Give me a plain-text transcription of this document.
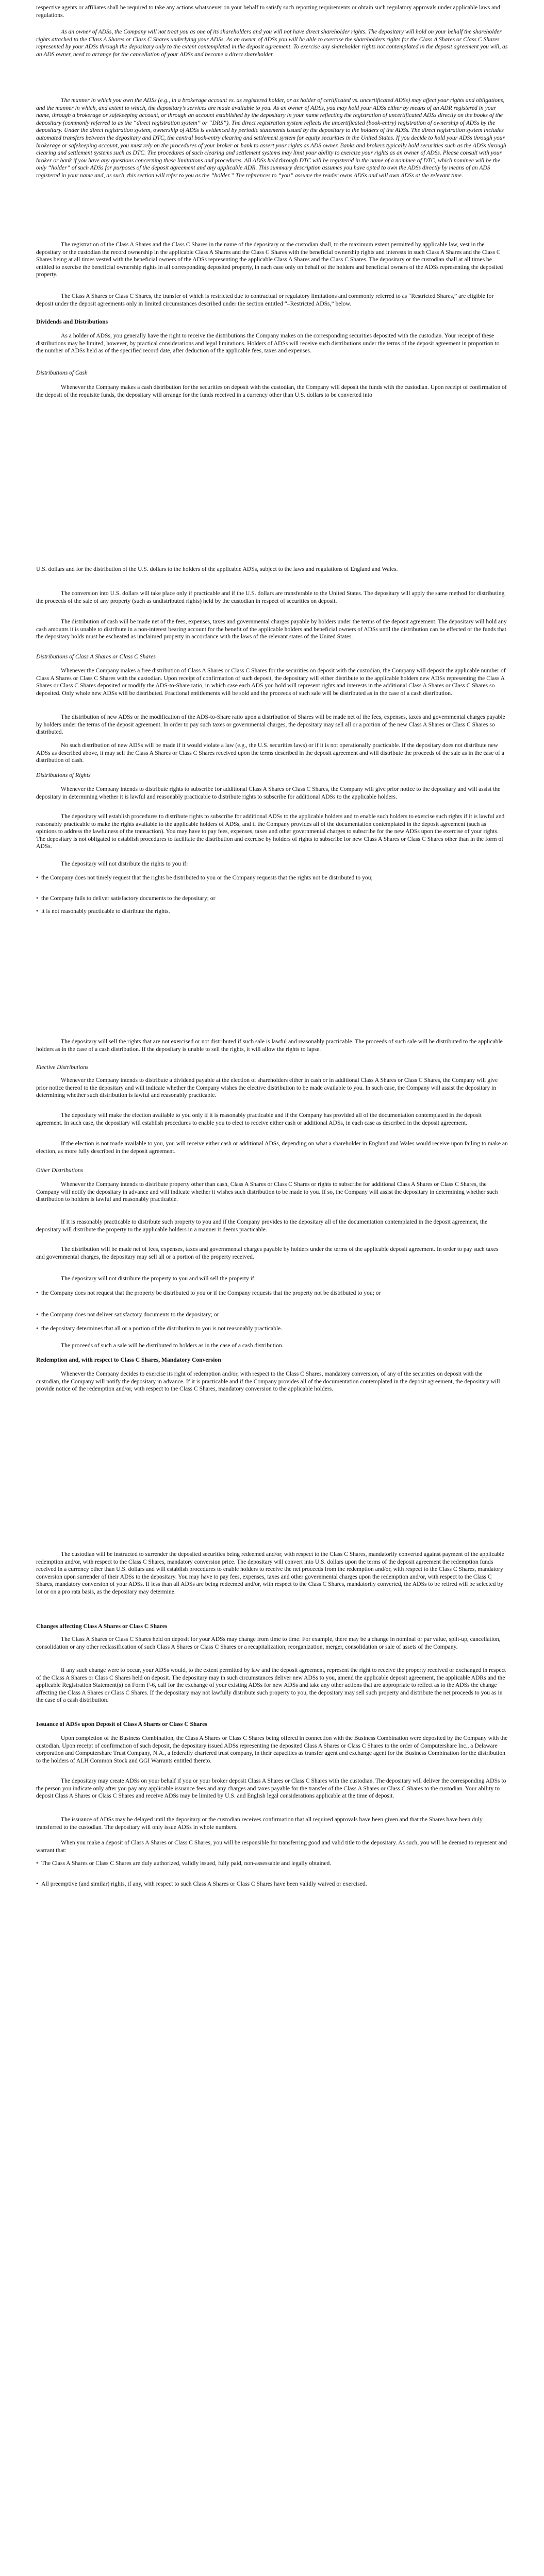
respective agents or affiliates shall be required to take any actions whatsoever on your behalf to satisfy such reporting requirements or obtain such regulatory approvals under applicable laws and regulations.

As an owner of ADSs, the Company will not treat you as one of its shareholders and you will not have direct shareholder rights. The depositary will hold on your behalf the shareholder rights attached to the Class A Shares or Class C Shares underlying your ADSs. As an owner of ADSs you will be able to exercise the shareholders rights for the Class A Shares or Class C Shares represented by your ADSs through the depositary only to the extent contemplated in the deposit agreement. To exercise any shareholder rights not contemplated in the deposit agreement you will, as an ADS owner, need to arrange for the cancellation of your ADSs and become a direct shareholder.

The manner in which you own the ADSs (e.g., in a brokerage account vs. as registered holder, or as holder of certificated vs. uncertificated ADSs) may affect your rights and obligations, and the manner in which, and extent to which, the depositary’s services are made available to you. As an owner of ADSs, you may hold your ADSs either by means of an ADR registered in your name, through a brokerage or safekeeping account, or through an account established by the depositary in your name reflecting the registration of uncertificated ADSs directly on the books of the depositary (commonly referred to as the “direct registration system” or “DRS”). The direct registration system reflects the uncertificated (book-entry) registration of ownership of ADSs by the depositary. Under the direct registration system, ownership of ADSs is evidenced by periodic statements issued by the depositary to the holders of the ADSs. The direct registration system includes automated transfers between the depositary and DTC, the central book-entry clearing and settlement system for equity securities in the United States. If you decide to hold your ADSs through your brokerage or safekeeping account, you must rely on the procedures of your broker or bank to assert your rights as ADS owner. Banks and brokers typically hold securities such as the ADSs through clearing and settlement systems such as DTC. The procedures of such clearing and settlement systems may limit your ability to exercise your rights as an owner of ADSs. Please consult with your broker or bank if you have any questions concerning these limitations and procedures. All ADSs held through DTC will be registered in the name of a nominee of DTC, which nominee will be the only “holder” of such ADSs for purposes of the deposit agreement and any applicable ADR. This summary description assumes you have opted to own the ADSs directly by means of an ADS registered in your name and, as such, this section will refer to you as the “holder.” The references to “you” assume the reader owns ADSs and will own ADSs at the relevant time.

The registration of the Class A Shares and the Class C Shares in the name of the depositary or the custodian shall, to the maximum extent permitted by applicable law, vest in the depositary or the custodian the record ownership in the applicable Class A Shares and the Class C Shares with the beneficial ownership rights and interests in such Class A Shares and the Class C Shares being at all times vested with the beneficial owners of the ADSs representing the applicable Class A Shares and the Class C Shares. The depositary or the custodian shall at all times be entitled to exercise the beneficial ownership rights in all corresponding deposited property, in each case only on behalf of the holders and beneficial owners of the ADSs representing the deposited property.

The Class A Shares or Class C Shares, the transfer of which is restricted due to contractual or regulatory limitations and commonly referred to as “Restricted Shares,” are eligible for deposit under the deposit agreements only in limited circumstances described under the section entitled “–Restricted ADSs,” below.

Dividends and Distributions

As a holder of ADSs, you generally have the right to receive the distributions the Company makes on the corresponding securities deposited with the custodian. Your receipt of these distributions may be limited, however, by practical considerations and legal limitations. Holders of ADSs will receive such distributions under the terms of the deposit agreement in proportion to the number of ADSs held as of the specified record date, after deduction of the applicable fees, taxes and expenses.

Distributions of Cash

Whenever the Company makes a cash distribution for the securities on deposit with the custodian, the Company will deposit the funds with the custodian. Upon receipt of confirmation of the deposit of the requisite funds, the depositary will arrange for the funds received in a currency other than U.S. dollars to be converted into

U.S. dollars and for the distribution of the U.S. dollars to the holders of the applicable ADSs, subject to the laws and regulations of England and Wales.

The conversion into U.S. dollars will take place only if practicable and if the U.S. dollars are transferable to the United States. The depositary will apply the same method for distributing the proceeds of the sale of any property (such as undistributed rights) held by the custodian in respect of securities on deposit.

The distribution of cash will be made net of the fees, expenses, taxes and governmental charges payable by holders under the terms of the deposit agreement. The depositary will hold any cash amounts it is unable to distribute in a non-interest bearing account for the benefit of the applicable holders and beneficial owners of ADSs until the distribution can be effected or the funds that the depositary holds must be escheated as unclaimed property in accordance with the laws of the relevant states of the United States.

Distributions of Class A Shares or Class C Shares

Whenever the Company makes a free distribution of Class A Shares or Class C Shares for the securities on deposit with the custodian, the Company will deposit the applicable number of Class A Shares or Class C Shares with the custodian. Upon receipt of confirmation of such deposit, the depositary will either distribute to the applicable holders new ADSs representing the Class A Shares or Class C Shares deposited or modify the ADS-to-Share ratio, in which case each ADS you hold will represent rights and interests in the additional Class A Shares or Class C Shares so deposited. Only whole new ADSs will be distributed. Fractional entitlements will be sold and the proceeds of such sale will be distributed as in the case of a cash distribution.

The distribution of new ADSs or the modification of the ADS-to-Share ratio upon a distribution of Shares will be made net of the fees, expenses, taxes and governmental charges payable by holders under the terms of the deposit agreement. In order to pay such taxes or governmental charges, the depositary may sell all or a portion of the new Class A Shares or Class C Shares so distributed.

No such distribution of new ADSs will be made if it would violate a law (e.g., the U.S. securities laws) or if it is not operationally practicable. If the depositary does not distribute new ADSs as described above, it may sell the Class A Shares or Class C Shares received upon the terms described in the deposit agreement and will distribute the proceeds of the sale as in the case of a distribution of cash.

Distributions of Rights

Whenever the Company intends to distribute rights to subscribe for additional Class A Shares or Class C Shares, the Company will give prior notice to the depositary and will assist the depositary in determining whether it is lawful and reasonably practicable to distribute rights to subscribe for additional ADSs to the applicable holders.

The depositary will establish procedures to distribute rights to subscribe for additional ADSs to the applicable holders and to enable such holders to exercise such rights if it is lawful and reasonably practicable to make the rights available to the applicable holders of ADSs, and if the Company provides all of the documentation contemplated in the deposit agreement (such as opinions to address the lawfulness of the transaction). You may have to pay fees, expenses, taxes and other governmental charges to subscribe for the new ADSs upon the exercise of your rights. The depositary is not obligated to establish procedures to facilitate the distribution and exercise by holders of rights to subscribe for new Class A Shares or Class C Shares other than in the form of ADSs.

The depositary will not distribute the rights to you if:

• the Company does not timely request that the rights be distributed to you or the Company requests that the rights not be distributed to you;

• the Company fails to deliver satisfactory documents to the depositary; or

• it is not reasonably practicable to distribute the rights.

The depositary will sell the rights that are not exercised or not distributed if such sale is lawful and reasonably practicable. The proceeds of such sale will be distributed to the applicable holders as in the case of a cash distribution. If the depositary is unable to sell the rights, it will allow the rights to lapse.

Elective Distributions

Whenever the Company intends to distribute a dividend payable at the election of shareholders either in cash or in additional Class A Shares or Class C Shares, the Company will give prior notice thereof to the depositary and will indicate whether the Company wishes the elective distribution to be made available to you. In such case, the Company will assist the depositary in determining whether such distribution is lawful and reasonably practicable.

The depositary will make the election available to you only if it is reasonably practicable and if the Company has provided all of the documentation contemplated in the deposit agreement. In such case, the depositary will establish procedures to enable you to elect to receive either cash or additional ADSs, in each case as described in the deposit agreement.

If the election is not made available to you, you will receive either cash or additional ADSs, depending on what a shareholder in England and Wales would receive upon failing to make an election, as more fully described in the deposit agreement.

Other Distributions

Whenever the Company intends to distribute property other than cash, Class A Shares or Class C Shares or rights to subscribe for additional Class A Shares or Class C Shares, the Company will notify the depositary in advance and will indicate whether it wishes such distribution to be made to you. If so, the Company will assist the depositary in determining whether such distribution to holders is lawful and reasonably practicable.

If it is reasonably practicable to distribute such property to you and if the Company provides to the depositary all of the documentation contemplated in the deposit agreement, the depositary will distribute the property to the applicable holders in a manner it deems practicable.

The distribution will be made net of fees, expenses, taxes and governmental charges payable by holders under the terms of the applicable deposit agreement. In order to pay such taxes and governmental charges, the depositary may sell all or a portion of the property received.

The depositary will not distribute the property to you and will sell the property if:

• the Company does not request that the property be distributed to you or if the Company requests that the property not be distributed to you; or

• the Company does not deliver satisfactory documents to the depositary; or

• the depositary determines that all or a portion of the distribution to you is not reasonably practicable.

The proceeds of such a sale will be distributed to holders as in the case of a cash distribution.

Redemption and, with respect to Class C Shares, Mandatory Conversion

Whenever the Company decides to exercise its right of redemption and/or, with respect to the Class C Shares, mandatory conversion, of any of the securities on deposit with the custodian, the Company will notify the depositary in advance. If it is practicable and if the Company provides all of the documentation contemplated in the deposit agreement, the depositary will provide notice of the redemption and/or, with respect to the Class C Shares, mandatory conversion to the applicable holders.

The custodian will be instructed to surrender the deposited securities being redeemed and/or, with respect to the Class C Shares, mandatorily converted against payment of the applicable redemption and/or, with respect to the Class C Shares, mandatory conversion price. The depositary will convert into U.S. dollars upon the terms of the deposit agreement the redemption funds received in a currency other than U.S. dollars and will establish procedures to enable holders to receive the net proceeds from the redemption and/or, with respect to the Class C Shares, mandatory conversion upon surrender of their ADSs to the depositary. You may have to pay fees, expenses, taxes and other governmental charges upon the redemption and/or, with respect to the Class C Shares, mandatory conversion of your ADSs. If less than all ADSs are being redeemed and/or, with respect to the Class C Shares, mandatorily converted, the ADSs to be retired will be selected by lot or on a pro rata basis, as the depositary may determine.

Changes affecting Class A Shares or Class C Shares

The Class A Shares or Class C Shares held on deposit for your ADSs may change from time to time. For example, there may be a change in nominal or par value, split-up, cancellation, consolidation or any other reclassification of such Class A Shares or Class C Shares or a recapitalization, reorganization, merger, consolidation or sale of assets of the Company.

If any such change were to occur, your ADSs would, to the extent permitted by law and the deposit agreement, represent the right to receive the property received or exchanged in respect of the Class A Shares or Class C Shares held on deposit. The depositary may in such circumstances deliver new ADSs to you, amend the applicable deposit agreement, the applicable ADRs and the applicable Registration Statement(s) on Form F-6, call for the exchange of your existing ADSs for new ADSs and take any other actions that are appropriate to reflect as to the ADSs the change affecting the Class A Shares or Class C Shares. If the depositary may not lawfully distribute such property to you, the depositary may sell such property and distribute the net proceeds to you as in the case of a cash distribution.

Issuance of ADSs upon Deposit of Class A Shares or Class C Shares

Upon completion of the Business Combination, the Class A Shares or Class C Shares being offered in connection with the Business Combination were deposited by the Company with the custodian. Upon receipt of confirmation of such deposit, the depositary issued ADSs representing the deposited Class A Shares or Class C Shares to the order of Computershare Inc., a Delaware corporation and Computershare Trust Company, N.A., a federally chartered trust company, in their capacities as transfer agent and exchange agent for the Business Combination for the distribution to the holders of ALH Common Stock and GGI Warrants entitled thereto.

The depositary may create ADSs on your behalf if you or your broker deposit Class A Shares or Class C Shares with the custodian. The depositary will deliver the corresponding ADSs to the person you indicate only after you pay any applicable issuance fees and any charges and taxes payable for the transfer of the Class A Shares or Class C Shares to the custodian. Your ability to deposit Class A Shares or Class C Shares and receive ADSs may be limited by U.S. and English legal considerations applicable at the time of deposit.

The issuance of ADSs may be delayed until the depositary or the custodian receives confirmation that all required approvals have been given and that the Shares have been duly transferred to the custodian. The depositary will only issue ADSs in whole numbers.

When you make a deposit of Class A Shares or Class C Shares, you will be responsible for transferring good and valid title to the depositary. As such, you will be deemed to represent and warrant that:

• The Class A Shares or Class C Shares are duly authorized, validly issued, fully paid, non-assessable and legally obtained.

• All preemptive (and similar) rights, if any, with respect to such Class A Shares or Class C Shares have been validly waived or exercised.
